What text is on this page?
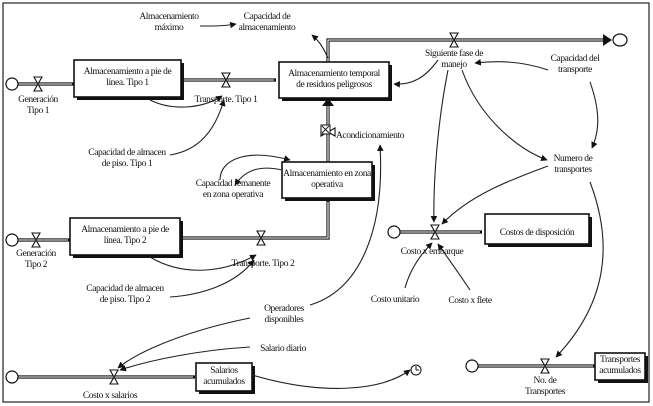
Almacenamiento a pie de línea. Tipo 1
Almacenamiento temporal de residuos peligrosos
Almacenamiento en zona operativa
Almacenamiento a pie de línea. Tipo 2
Costos de disposición
Salarios acumulados
Transportes acumulados
Generación Tipo 1
Transporte. Tipo 1
Generación Tipo 2	Transporte. Tipo 2
Acondicionamiento
Siguiente fase de manejo
Costo x embarque
Costo x salarios
No. de Transportes
Almacenamiento máximo
Capacidad de almacenamiento
Capacidad del transporte
Numero de transportes
Capacidad de almacen de piso. Tipo 1
Capacidad remanente en zona operativa
Capacidad de almacen de piso. Tipo 2
Operadores disponibles
Salario diario
Costo unitario	Costo x flete
